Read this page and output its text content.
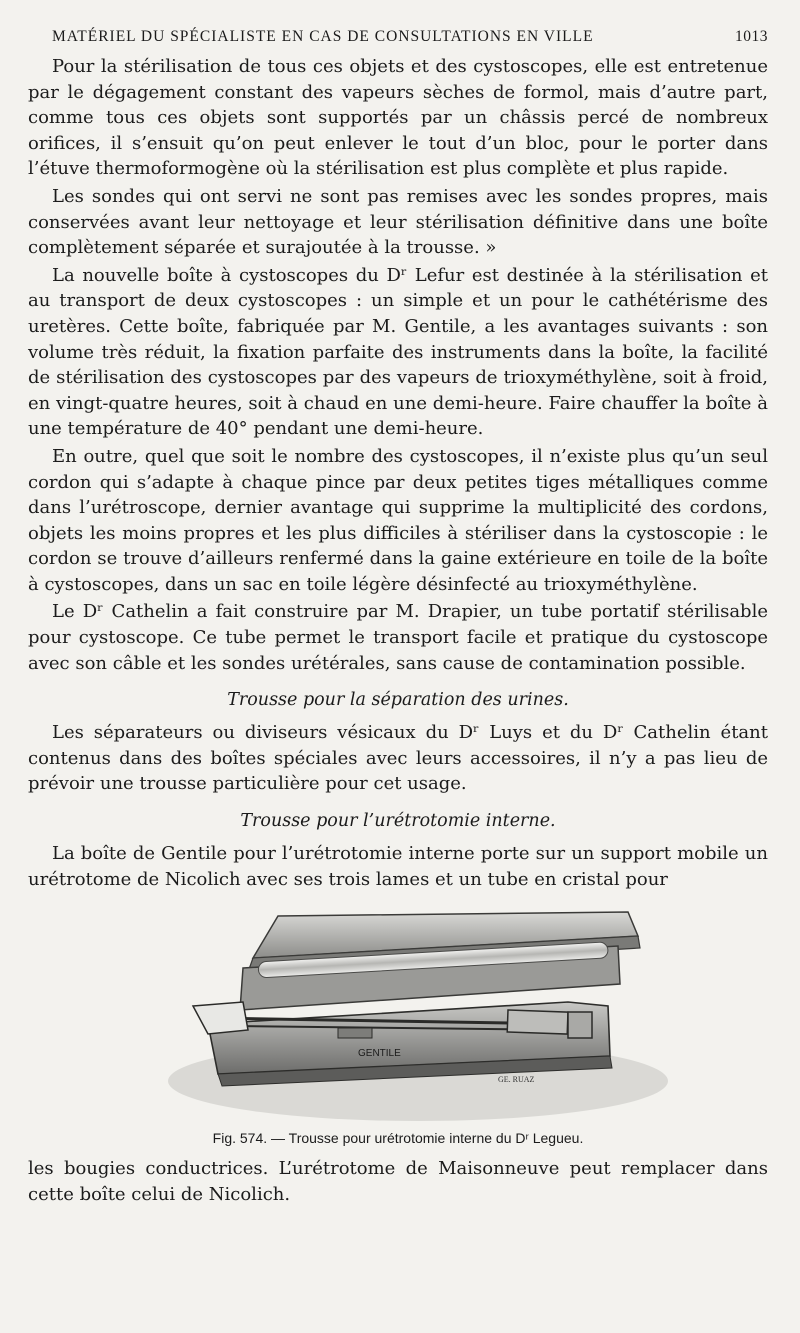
MATÉRIEL DU SPÉCIALISTE EN CAS DE CONSULTATIONS EN VILLE	1013

Pour la stérilisation de tous ces objets et des cystoscopes, elle est entretenue par le dégagement constant des vapeurs sèches de formol, mais d’autre part, comme tous ces objets sont supportés par un châssis percé de nombreux orifices, il s’ensuit qu’on peut enlever le tout d’un bloc, pour le porter dans l’étuve thermoformogène où la stérilisation est plus complète et plus rapide.

Les sondes qui ont servi ne sont pas remises avec les sondes propres, mais conservées avant leur nettoyage et leur stérilisation définitive dans une boîte complètement séparée et surajoutée à la trousse. »

La nouvelle boîte à cystoscopes du Dʳ Lefur est destinée à la stérilisation et au transport de deux cystoscopes : un simple et un pour le cathétérisme des uretères. Cette boîte, fabriquée par M. Gentile, a les avantages suivants : son volume très réduit, la fixation parfaite des instruments dans la boîte, la facilité de stérilisation des cystoscopes par des vapeurs de trioxyméthylène, soit à froid, en vingt-quatre heures, soit à chaud en une demi-heure. Faire chauffer la boîte à une température de 40° pendant une demi-heure.

En outre, quel que soit le nombre des cystoscopes, il n’existe plus qu’un seul cordon qui s’adapte à chaque pince par deux petites tiges métalliques comme dans l’urétroscope, dernier avantage qui supprime la multiplicité des cordons, objets les moins propres et les plus difficiles à stériliser dans la cystoscopie : le cordon se trouve d’ailleurs renfermé dans la gaine extérieure en toile de la boîte à cystoscopes, dans un sac en toile légère désinfecté au trioxyméthylène.

Le Dʳ Cathelin a fait construire par M. Drapier, un tube portatif stérilisable pour cystoscope. Ce tube permet le transport facile et pratique du cystoscope avec son câble et les sondes urétérales, sans cause de contamination possible.

Trousse pour la séparation des urines.

Les séparateurs ou diviseurs vésicaux du Dʳ Luys et du Dʳ Cathelin étant contenus dans des boîtes spéciales avec leurs accessoires, il n’y a pas lieu de prévoir une trousse particulière pour cet usage.

Trousse pour l’urétrotomie interne.

La boîte de Gentile pour l’urétrotomie interne porte sur un support mobile un urétrotome de Nicolich avec ses trois lames et un tube en cristal pour

GENTILE
GE. RUAZ
Fig. 574. — Trousse pour urétrotomie interne du Dʳ Legueu.

les bougies conductrices. L’urétrotome de Maisonneuve peut remplacer dans cette boîte celui de Nicolich.
